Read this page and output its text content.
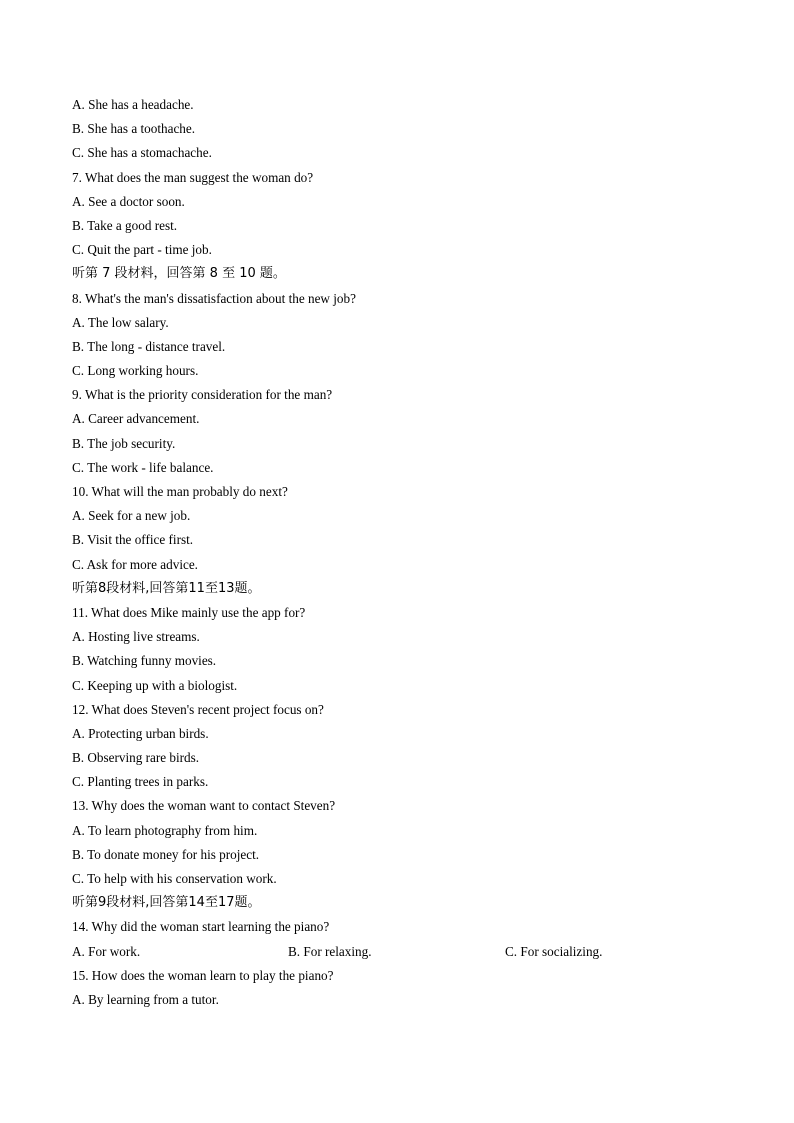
A. She has a headache.
B. She has a toothache.
C. She has a stomachache.
7. What does the man suggest the woman do?
A. See a doctor soon.
B. Take a good rest.
C. Quit the part - time job.
听第 7 段材料，回答第 8 至 10 题。
8. What's the man's dissatisfaction about the new job?
A. The low salary.
B. The long - distance travel.
C. Long working hours.
9. What is the priority consideration for the man?
A. Career advancement.
B. The job security.
C. The work - life balance.
10. What will the man probably do next?
A. Seek for a new job.
B. Visit the office first.
C. Ask for more advice.
听第8段材料,回答第11至13题。
11. What does Mike mainly use the app for?
A. Hosting live streams.
B. Watching funny movies.
C. Keeping up with a biologist.
12. What does Steven's recent project focus on?
A. Protecting urban birds.
B. Observing rare birds.
C. Planting trees in parks.
13. Why does the woman want to contact Steven?
A. To learn photography from him.
B. To donate money for his project.
C. To help with his conservation work.
听第9段材料,回答第14至17题。
14. Why did the woman start learning the piano?
A. For work.	B. For relaxing.	C. For socializing.
15. How does the woman learn to play the piano?
A. By learning from a tutor.
